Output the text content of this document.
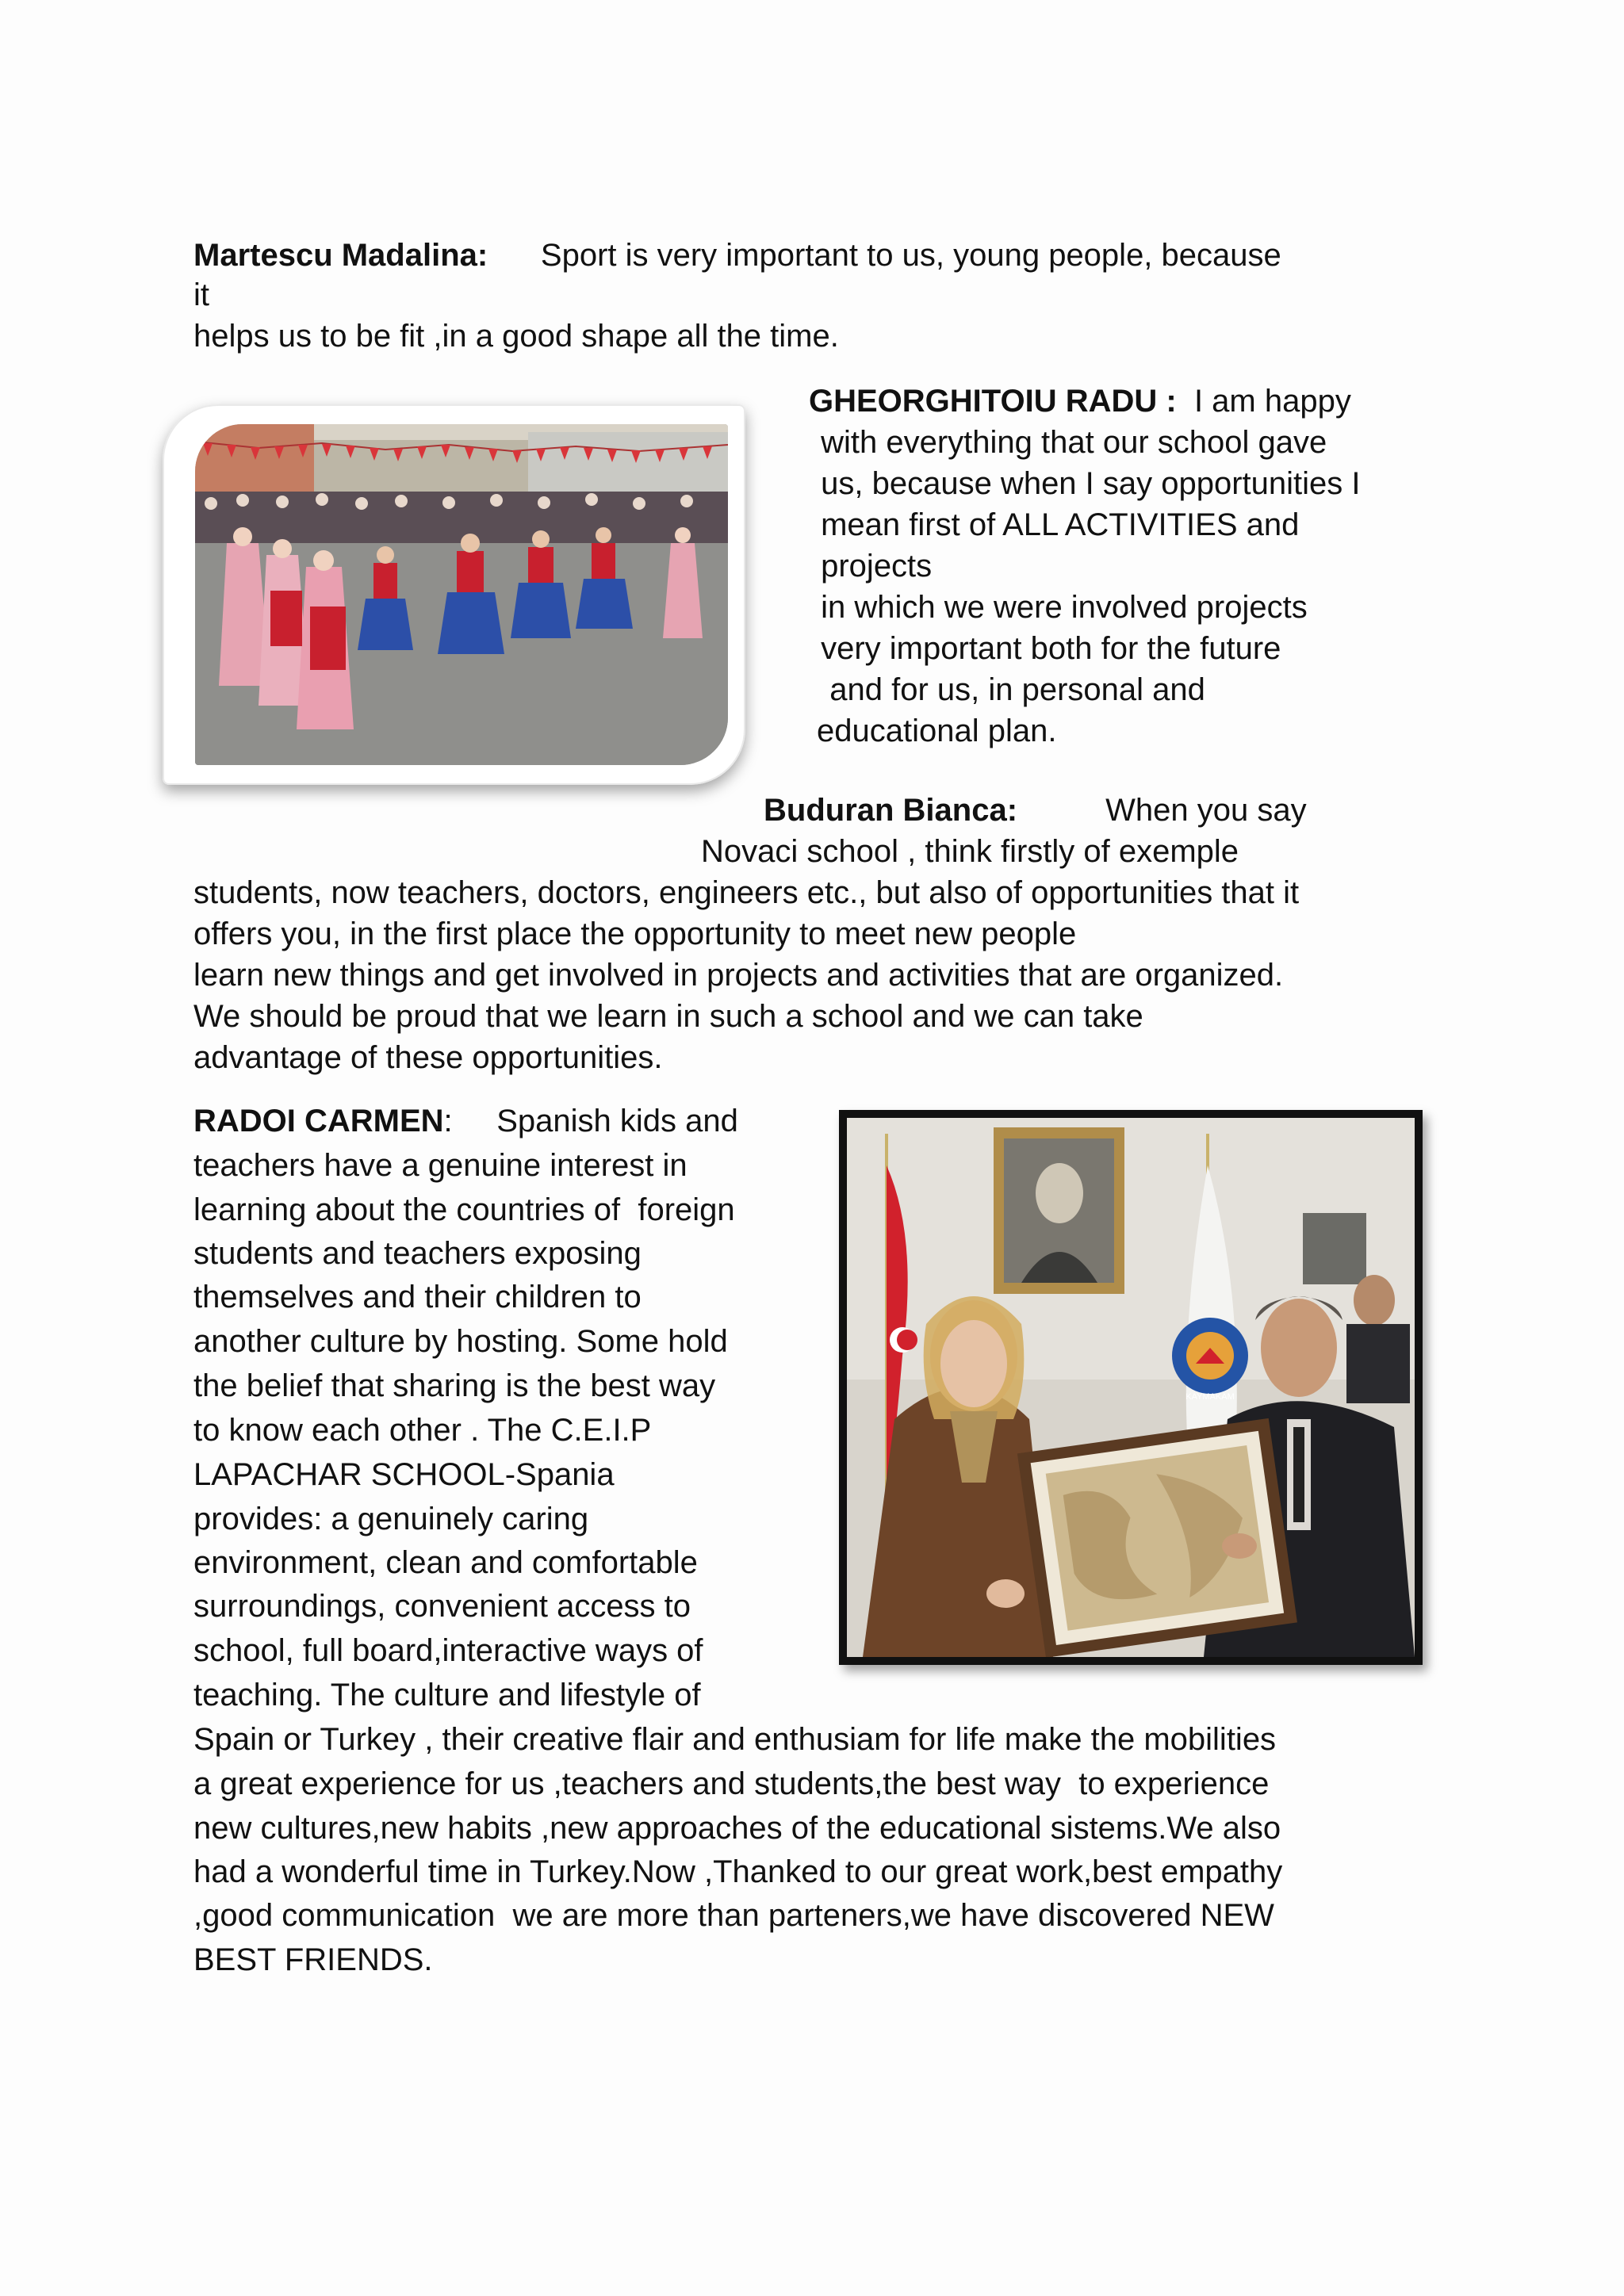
Martescu Madalina:      Sport is very important to us, young people, because
it
helps us to be fit ,in a good shape all the time.
GHEORGHITOIU RADU :  I am happy
with everything that our school gave
us, because when I say opportunities I
mean first of ALL ACTIVITIES and
projects
in which we were involved projects
very important both for the future
and for us, in personal and
educational plan.
Buduran Bianca:          When you say
Novaci school , think firstly of exemple
students, now teachers, doctors, engineers etc., but also of opportunities that it
offers you, in the first place the opportunity to meet new people
learn new things and get involved in projects and activities that are organized.
We should be proud that we learn in such a school and we can take
advantage of these opportunities.
KAYMAKAM
RADOI CARMEN:     Spanish kids and
teachers have a genuine interest in
learning about the countries of  foreign
students and teachers exposing
themselves and their children to
another culture by hosting. Some hold
the belief that sharing is the best way
to know each other . The C.E.I.P
LAPACHAR SCHOOL-Spania
provides: a genuinely caring
environment, clean and comfortable
surroundings, convenient access to
school, full board,interactive ways of
teaching. The culture and lifestyle of
Spain or Turkey , their creative flair and enthusiam for life make the mobilities
a great experience for us ,teachers and students,the best way  to experience
new cultures,new habits ,new approaches of the educational sistems.We also
had a wonderful time in Turkey.Now ,Thanked to our great work,best empathy
,good communication  we are more than parteners,we have discovered NEW
BEST FRIENDS.
